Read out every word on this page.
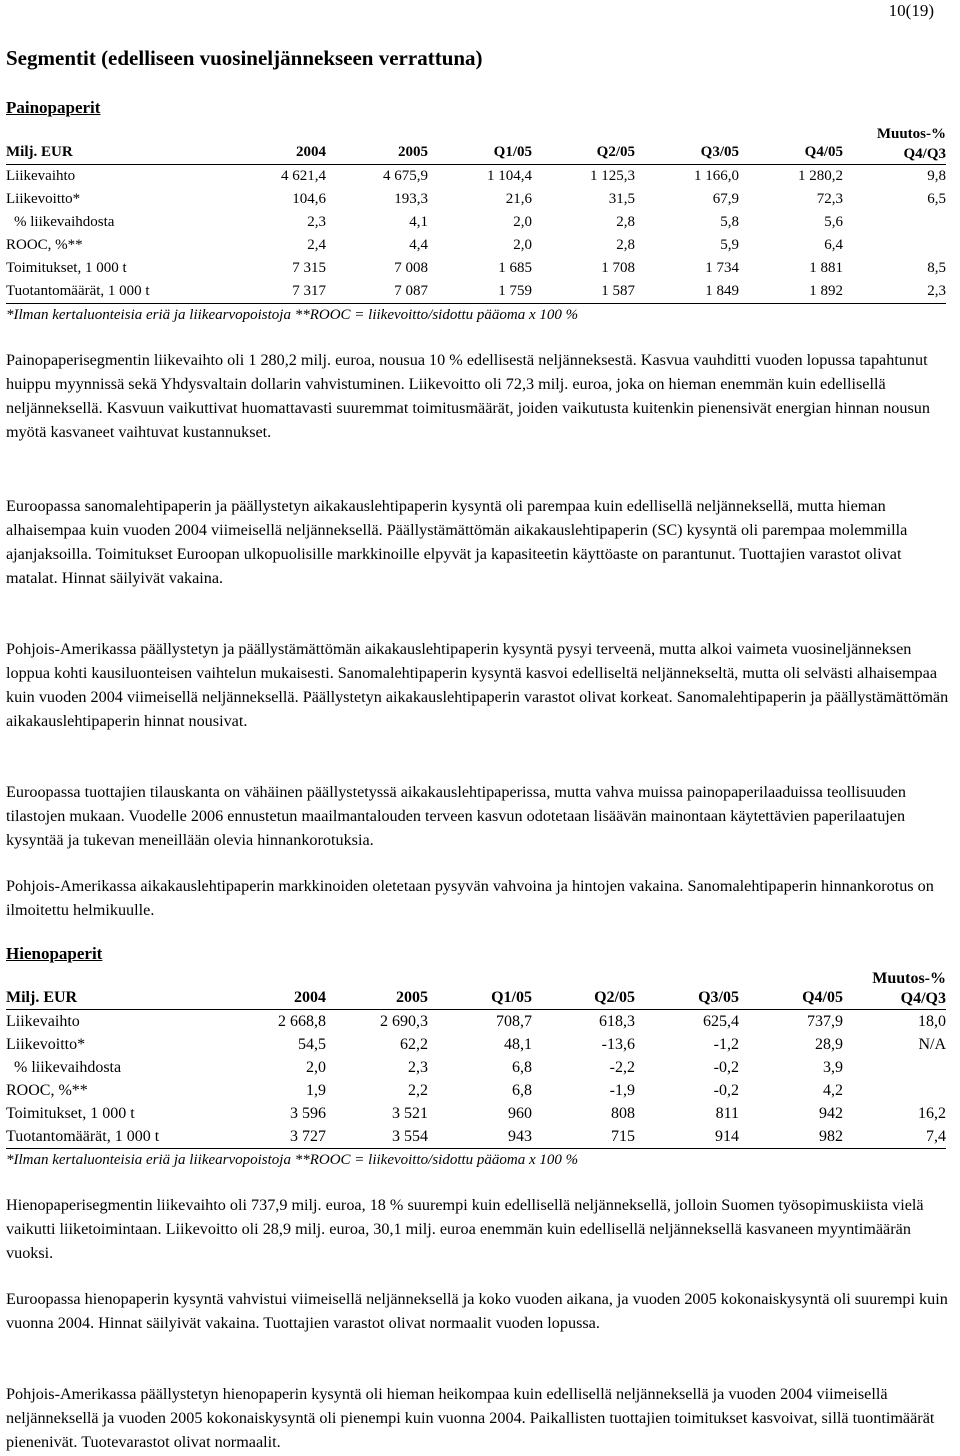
10(19)
Segmentit (edelliseen vuosineljännekseen verrattuna)
Painopaperit
Milj. EUR	2004	2005	Q1/05	Q2/05	Q3/05	Q4/05	Muutos-%
Q4/Q3

Liikevaihto	4 621,4	4 675,9	1 104,4	1 125,3	1 166,0	1 280,2	9,8
Liikevoitto*	104,6	193,3	21,6	31,5	67,9	72,3	6,5
% liikevaihdosta	2,3	4,1	2,0	2,8	5,8	5,6	
ROOC, %**	2,4	4,4	2,0	2,8	5,9	6,4	
Toimitukset, 1 000 t	7 315	7 008	1 685	1 708	1 734	1 881	8,5
Tuotantomäärät, 1 000 t	7 317	7 087	1 759	1 587	1 849	1 892	2,3
*Ilman kertaluonteisia eriä ja liikearvopoistoja **ROOC = liikevoitto/sidottu pääoma x 100 %

Painopaperisegmentin liikevaihto oli 1 280,2 milj. euroa, nousua 10 % edellisestä neljänneksestä. Kasvua vauhditti vuoden lopussa tapahtunut huippu myynnissä sekä Yhdysvaltain dollarin vahvistuminen. Liikevoitto oli 72,3 milj. euroa, joka on hieman enemmän kuin edellisellä neljänneksellä. Kasvuun vaikuttivat huomattavasti suuremmat toimitusmäärät, joiden vaikutusta kuitenkin pienensivät energian hinnan nousun myötä kasvaneet vaihtuvat kustannukset.

Euroopassa sanomalehtipaperin ja päällystetyn aikakauslehtipaperin kysyntä oli parempaa kuin edellisellä neljänneksellä, mutta hieman alhaisempaa kuin vuoden 2004 viimeisellä neljänneksellä. Päällystämättömän aikakauslehtipaperin (SC) kysyntä oli parempaa molemmilla ajanjaksoilla. Toimitukset Euroopan ulkopuolisille markkinoille elpyvät ja kapasiteetin käyttöaste on parantunut. Tuottajien varastot olivat matalat. Hinnat säilyivät vakaina.

Pohjois-Amerikassa päällystetyn ja päällystämättömän aikakauslehtipaperin kysyntä pysyi terveenä, mutta alkoi vaimeta vuosineljänneksen loppua kohti kausiluonteisen vaihtelun mukaisesti. Sanomalehtipaperin kysyntä kasvoi edelliseltä neljännekseltä, mutta oli selvästi alhaisempaa kuin vuoden 2004 viimeisellä neljänneksellä. Päällystetyn aikakauslehtipaperin varastot olivat korkeat. Sanomalehtipaperin ja päällystämättömän aikakauslehtipaperin hinnat nousivat.

Euroopassa tuottajien tilauskanta on vähäinen päällystetyssä aikakauslehtipaperissa, mutta vahva muissa painopaperilaaduissa teollisuuden tilastojen mukaan. Vuodelle 2006 ennustetun maailmantalouden terveen kasvun odotetaan lisäävän mainontaan käytettävien paperilaatujen kysyntää ja tukevan meneillään olevia hinnankorotuksia.

Pohjois-Amerikassa aikakauslehtipaperin markkinoiden oletetaan pysyvän vahvoina ja hintojen vakaina. Sanomalehtipaperin hinnankorotus on ilmoitettu helmikuulle.

Hienopaperit
Milj. EUR	2004	2005	Q1/05	Q2/05	Q3/05	Q4/05	Muutos-%
Q4/Q3

Liikevaihto	2 668,8	2 690,3	708,7	618,3	625,4	737,9	18,0
Liikevoitto*	54,5	62,2	48,1	-13,6	-1,2	28,9	N/A
% liikevaihdosta	2,0	2,3	6,8	-2,2	-0,2	3,9	
ROOC, %**	1,9	2,2	6,8	-1,9	-0,2	4,2	
Toimitukset, 1 000 t	3 596	3 521	960	808	811	942	16,2
Tuotantomäärät, 1 000 t	3 727	3 554	943	715	914	982	7,4
*Ilman kertaluonteisia eriä ja liikearvopoistoja **ROOC = liikevoitto/sidottu pääoma x 100 %

Hienopaperisegmentin liikevaihto oli 737,9 milj. euroa, 18 % suurempi kuin edellisellä neljänneksellä, jolloin Suomen työsopimuskiista vielä vaikutti liiketoimintaan. Liikevoitto oli 28,9 milj. euroa, 30,1 milj. euroa enemmän kuin edellisellä neljänneksellä kasvaneen myyntimäärän vuoksi.

Euroopassa hienopaperin kysyntä vahvistui viimeisellä neljänneksellä ja koko vuoden aikana, ja vuoden 2005 kokonaiskysyntä oli suurempi kuin vuonna 2004. Hinnat säilyivät vakaina. Tuottajien varastot olivat normaalit vuoden lopussa.

Pohjois-Amerikassa päällystetyn hienopaperin kysyntä oli hieman heikompaa kuin edellisellä neljänneksellä ja vuoden 2004 viimeisellä neljänneksellä ja vuoden 2005 kokonaiskysyntä oli pienempi kuin vuonna 2004. Paikallisten tuottajien toimitukset kasvoivat, sillä tuontimäärät pienenivät. Tuotevarastot olivat normaalit.
